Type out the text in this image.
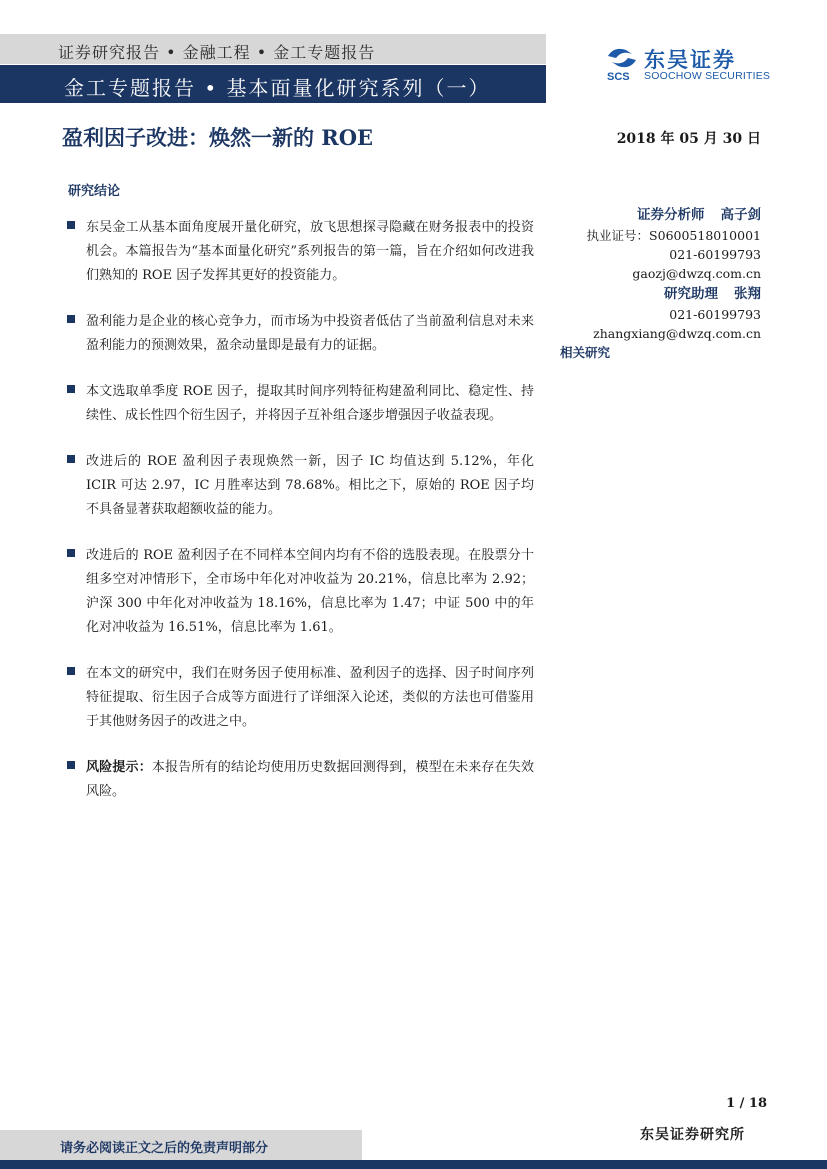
证券研究报告 • 金融工程 • 金工专题报告
金工专题报告 • 基本面量化研究系列（一）	SCS
东吴证券
SOOCHOW SECURITIES
盈利因子改进：焕然一新的 ROE	2018 年 05 月 30 日
研究结论

东吴金工从基本面角度展开量化研究，放飞思想探寻隐藏在财务报表中的投资机会。本篇报告为“基本面量化研究”系列报告的第一篇，旨在介绍如何改进我们熟知的 ROE 因子发挥其更好的投资能力。

盈利能力是企业的核心竞争力，而市场为中投资者低估了当前盈利信息对未来盈利能力的预测效果，盈余动量即是最有力的证据。

本文选取单季度 ROE 因子，提取其时间序列特征构建盈利同比、稳定性、持续性、成长性四个衍生因子，并将因子互补组合逐步增强因子收益表现。

改进后的 ROE 盈利因子表现焕然一新，因子 IC 均值达到 5.12%，年化 ICIR 可达 2.97，IC 月胜率达到 78.68%。相比之下，原始的 ROE 因子均不具备显著获取超额收益的能力。

改进后的 ROE 盈利因子在不同样本空间内均有不俗的选股表现。在股票分十组多空对冲情形下，全市场中年化对冲收益为 20.21%，信息比率为 2.92；沪深 300 中年化对冲收益为 18.16%，信息比率为 1.47；中证 500 中的年化对冲收益为 16.51%，信息比率为 1.61。

在本文的研究中，我们在财务因子使用标准、盈利因子的选择、因子时间序列特征提取、衍生因子合成等方面进行了详细深入论述，类似的方法也可借鉴用于其他财务因子的改进之中。

风险提示：本报告所有的结论均使用历史数据回测得到，模型在未来存在失效风险。

证券分析师 高子剑
执业证号：S0600518010001
021-60199793
gaozj@dwzq.com.cn
研究助理 张翔
021-60199793
zhangxiang@dwzq.com.cn
相关研究
1 / 18
请务必阅读正文之后的免责声明部分
东吴证券研究所
